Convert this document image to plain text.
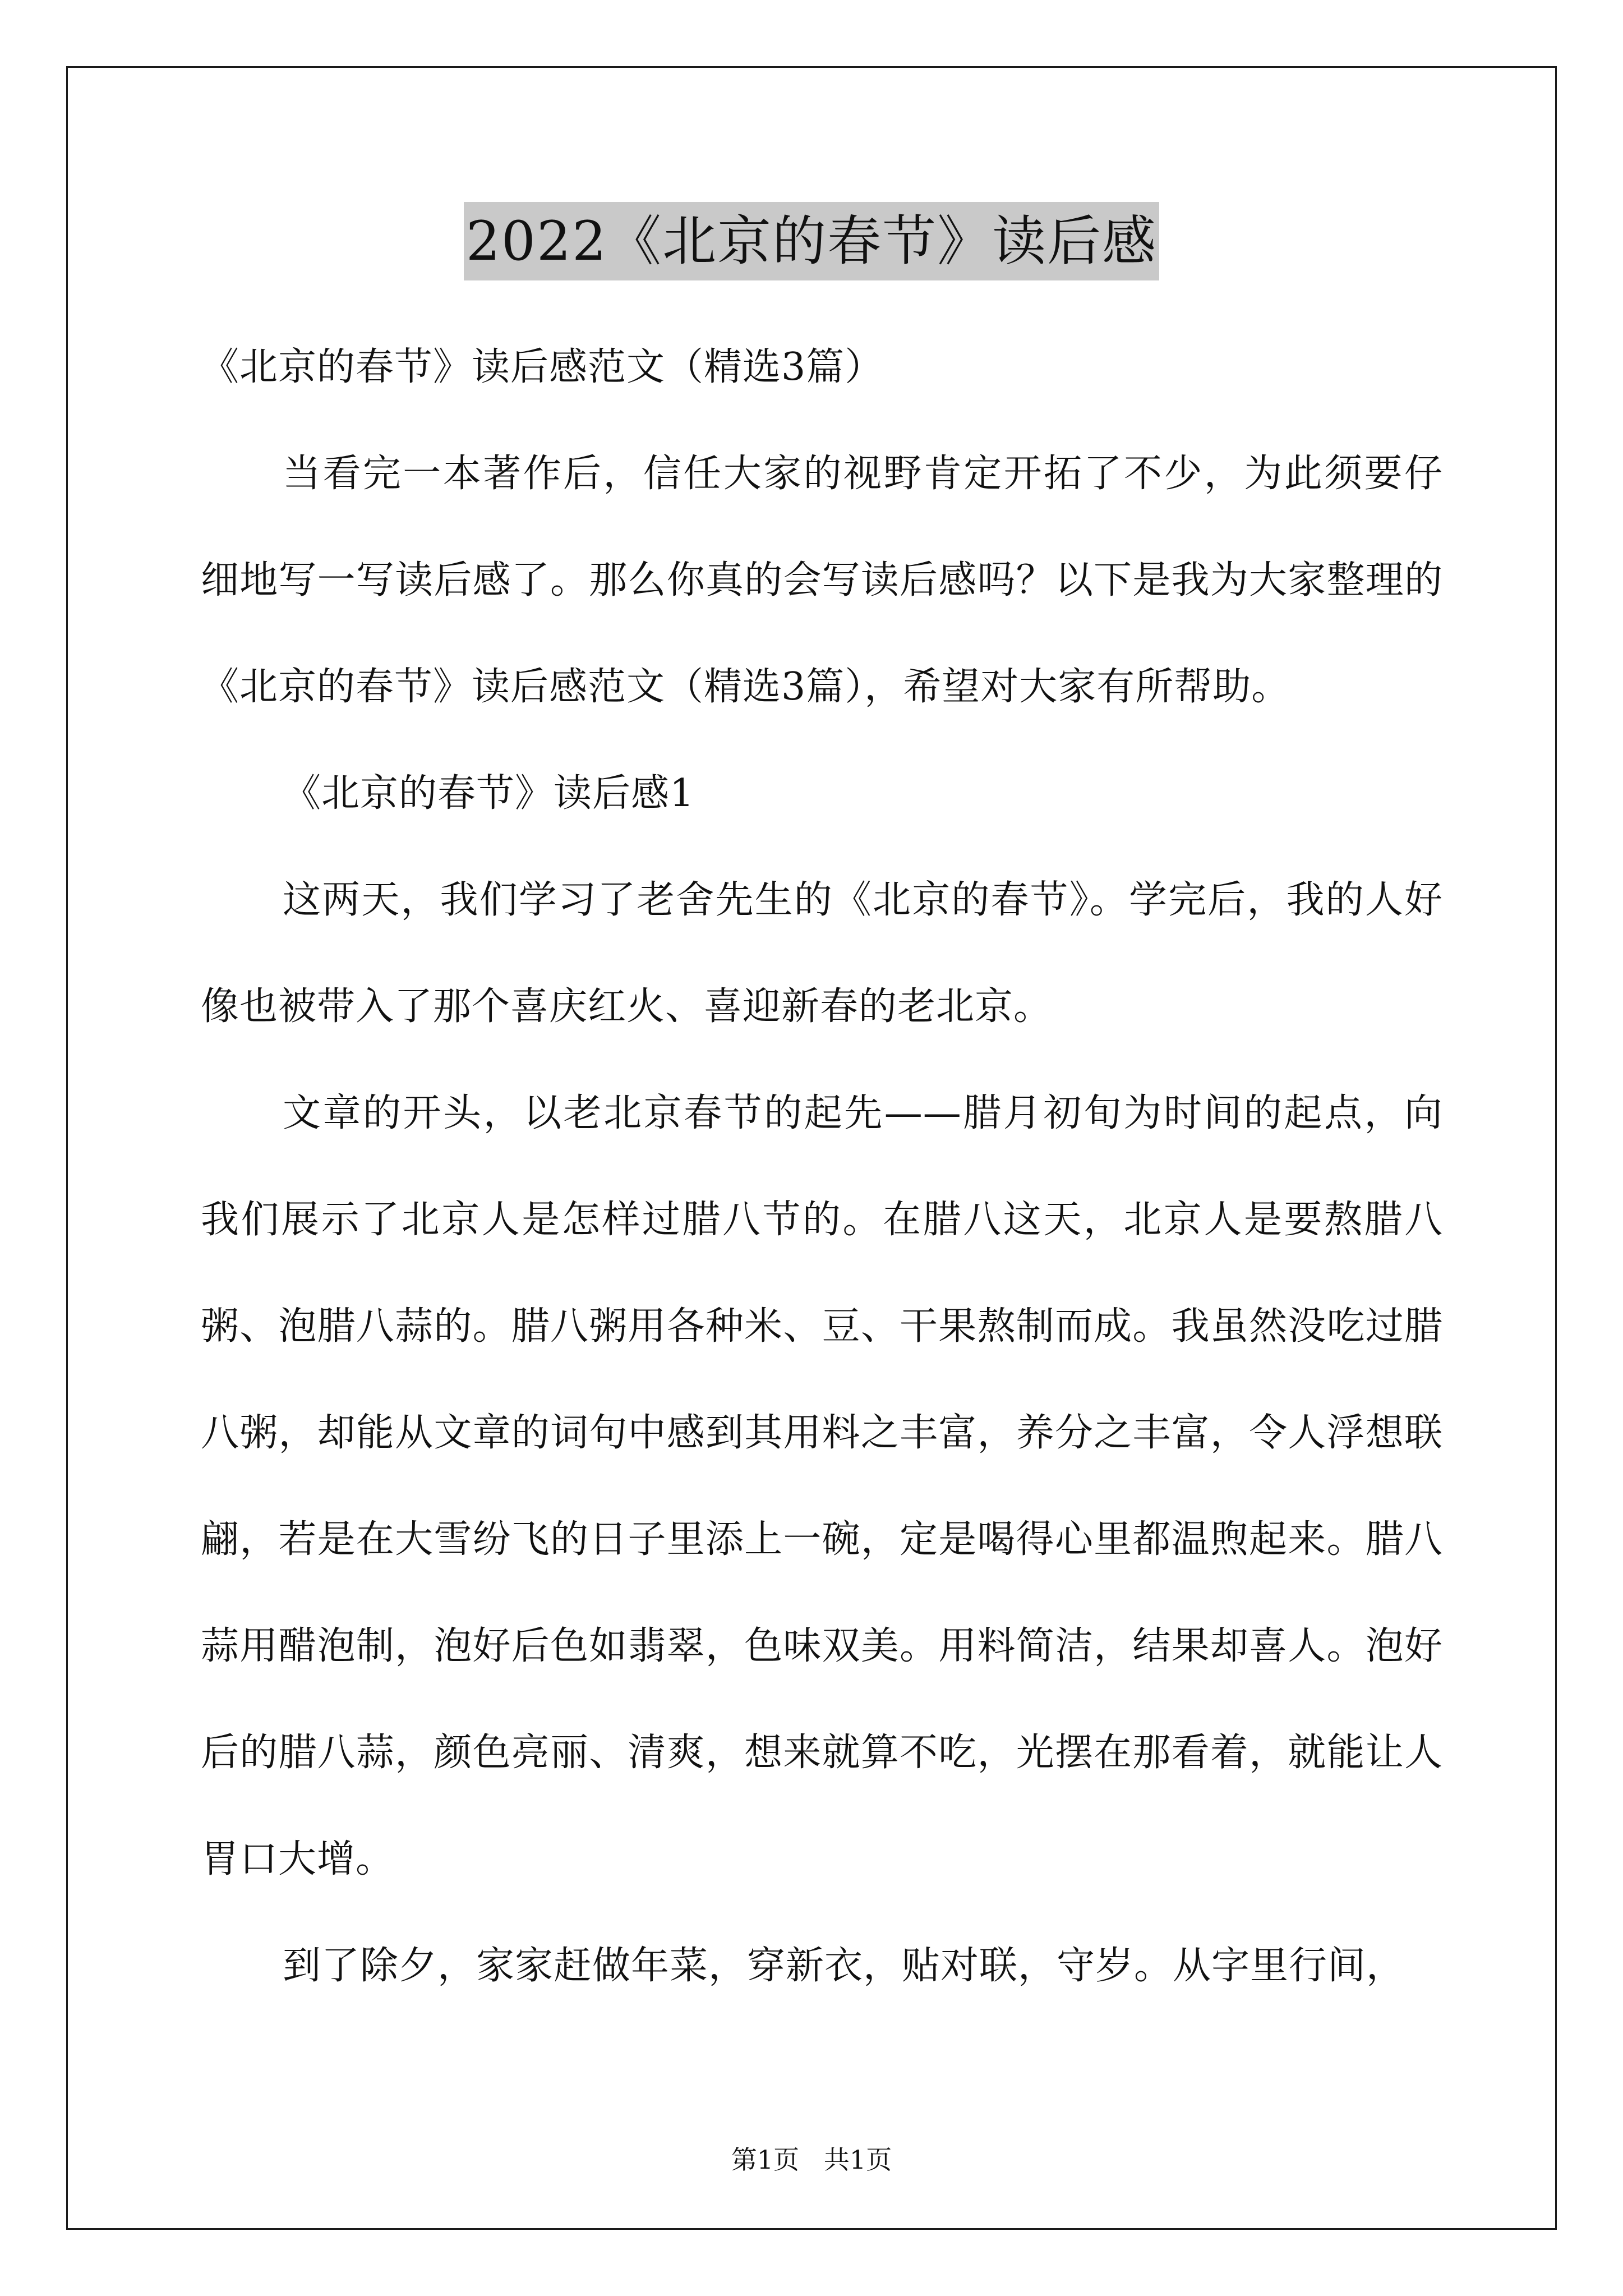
2022《北京的春节》读后感

《北京的春节》读后感范文（精选3篇）

当看完一本著作后，信任大家的视野肯定开拓了不少，为此须要仔细地写一写读后感了。那么你真的会写读后感吗？以下是我为大家整理的《北京的春节》读后感范文（精选3篇），希望对大家有所帮助。

《北京的春节》读后感1

这两天，我们学习了老舍先生的《北京的春节》。学完后，我的人好像也被带入了那个喜庆红火、喜迎新春的老北京。

文章的开头，以老北京春节的起先——腊月初旬为时间的起点，向我们展示了北京人是怎样过腊八节的。在腊八这天，北京人是要熬腊八粥、泡腊八蒜的。腊八粥用各种米、豆、干果熬制而成。我虽然没吃过腊八粥，却能从文章的词句中感到其用料之丰富，养分之丰富，令人浮想联翩，若是在大雪纷飞的日子里添上一碗，定是喝得心里都温煦起来。腊八蒜用醋泡制，泡好后色如翡翠，色味双美。用料简洁，结果却喜人。泡好后的腊八蒜，颜色亮丽、清爽，想来就算不吃，光摆在那看着，就能让人胃口大增。

到了除夕，家家赶做年菜，穿新衣，贴对联，守岁。从字里行间，

第1页   共1页
